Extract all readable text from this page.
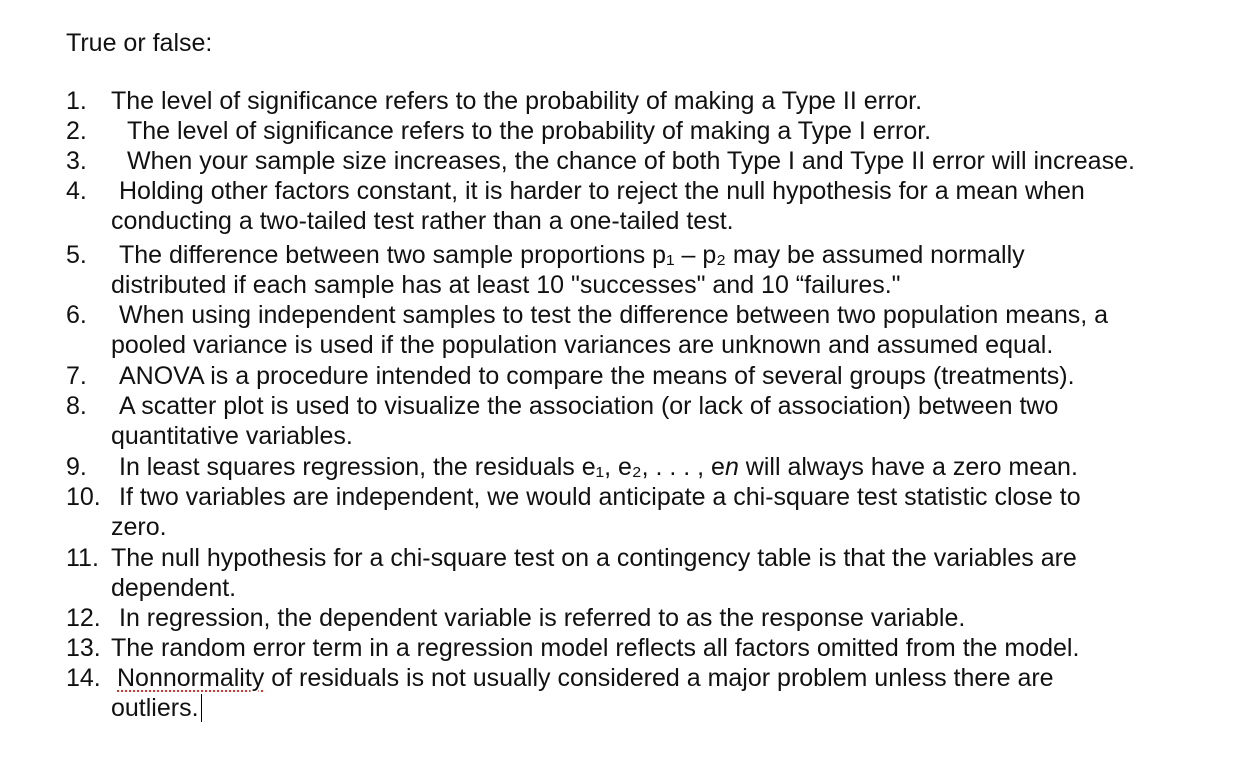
True or false:
1. The level of significance refers to the probability of making a Type II error.
2. The level of significance refers to the probability of making a Type I error.
3. When your sample size increases, the chance of both Type I and Type II error will increase.
4.	Holding other factors constant, it is harder to reject the null hypothesis for a mean when
conducting a two-tailed test rather than a one-tailed test.
5.	The difference between two sample proportions p₁ – p₂ may be assumed normally
distributed if each sample has at least 10 "successes" and 10 “failures."
6.	When using independent samples to test the difference between two population means, a
pooled variance is used if the population variances are unknown and assumed equal.
7.	ANOVA is a procedure intended to compare the means of several groups (treatments).
8.	A scatter plot is used to visualize the association (or lack of association) between two
quantitative variables.
9.	In least squares regression, the residuals e₁, e₂, . . . , en will always have a zero mean.
10. If two variables are independent, we would anticipate a chi-square test statistic close to
zero.
11. The null hypothesis for a chi-square test on a contingency table is that the variables are
dependent.
12. In regression, the dependent variable is referred to as the response variable.
13. The random error term in a regression model reflects all factors omitted from the model.
14. Nonnormality of residuals is not usually considered a major problem unless there are
outliers.
